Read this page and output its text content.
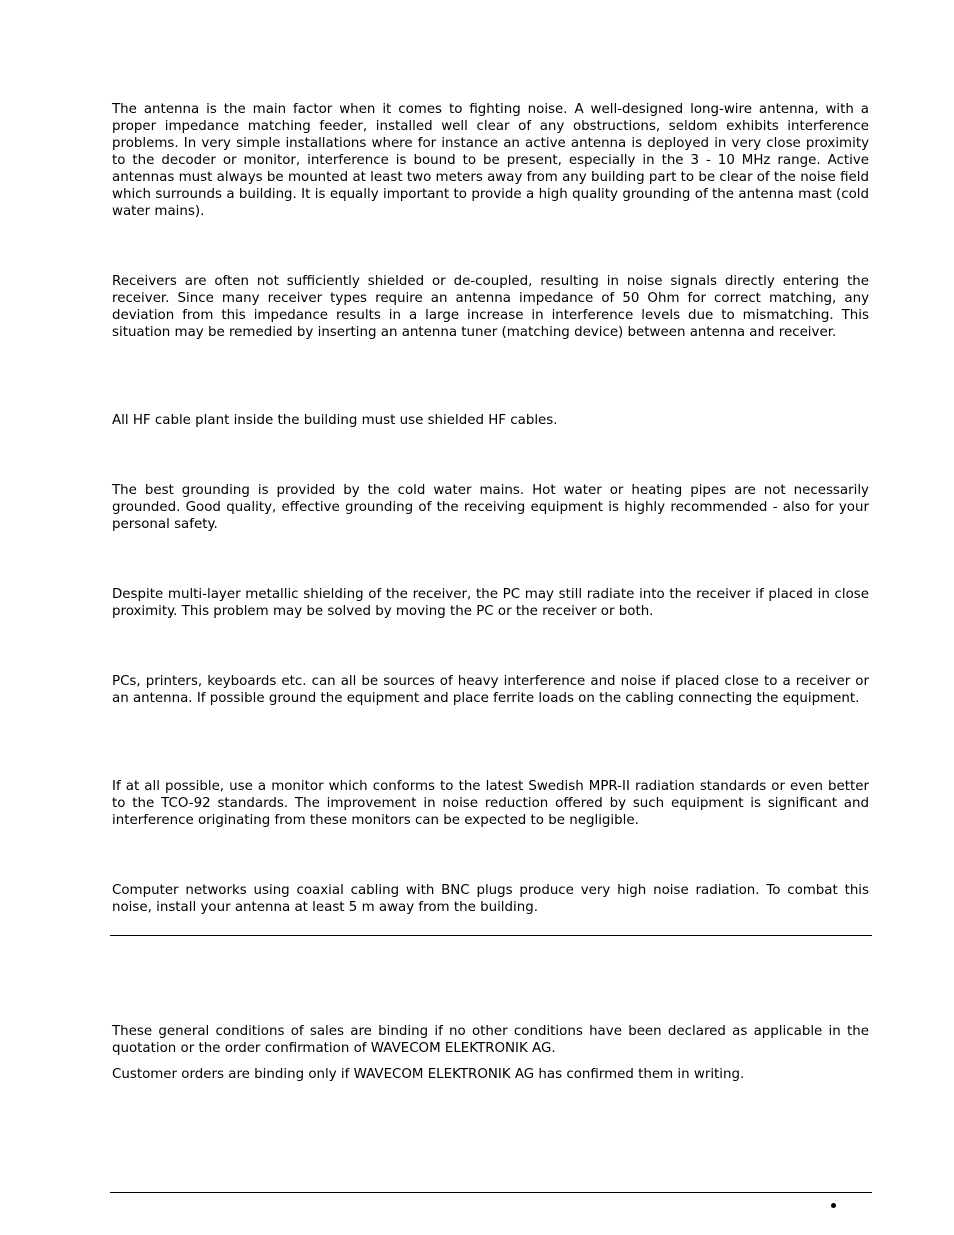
The antenna is the main factor when it comes to fighting noise. A well-designed long-wire antenna, with a proper impedance matching feeder, installed well clear of any obstructions, seldom exhibits interference problems. In very simple installations where for instance an active antenna is deployed in very close proximity to the decoder or monitor, interference is bound to be present, especially in the 3 - 10 MHz range. Active antennas must always be mounted at least two meters away from any building part to be clear of the noise field which surrounds a building. It is equally important to provide a high quality grounding of the antenna mast (cold water mains).

Receivers are often not sufficiently shielded or de-coupled, resulting in noise signals directly entering the receiver. Since many receiver types require an antenna impedance of 50 Ohm for correct matching, any deviation from this impedance results in a large increase in interference levels due to mismatching. This situation may be remedied by inserting an antenna tuner (matching device) between antenna and receiver.

All HF cable plant inside the building must use shielded HF cables.

The best grounding is provided by the cold water mains. Hot water or heating pipes are not necessarily grounded. Good quality, effective grounding of the receiving equipment is highly recommended - also for your personal safety.

Despite multi-layer metallic shielding of the receiver, the PC may still radiate into the receiver if placed in close proximity. This problem may be solved by moving the PC or the receiver or both.

PCs, printers, keyboards etc. can all be sources of heavy interference and noise if placed close to a receiver or an antenna. If possible ground the equipment and place ferrite loads on the cabling connecting the equipment.

If at all possible, use a monitor which conforms to the latest Swedish MPR-II radiation standards or even better to the TCO-92 standards. The improvement in noise reduction offered by such equipment is significant and interference originating from these monitors can be expected to be negligible.

Computer networks using coaxial cabling with BNC plugs produce very high noise radiation. To combat this noise, install your antenna at least 5 m away from the building.

These general conditions of sales are binding if no other conditions have been declared as applicable in the quotation or the order confirmation of WAVECOM ELEKTRONIK AG.

Customer orders are binding only if WAVECOM ELEKTRONIK AG has confirmed them in writing.
